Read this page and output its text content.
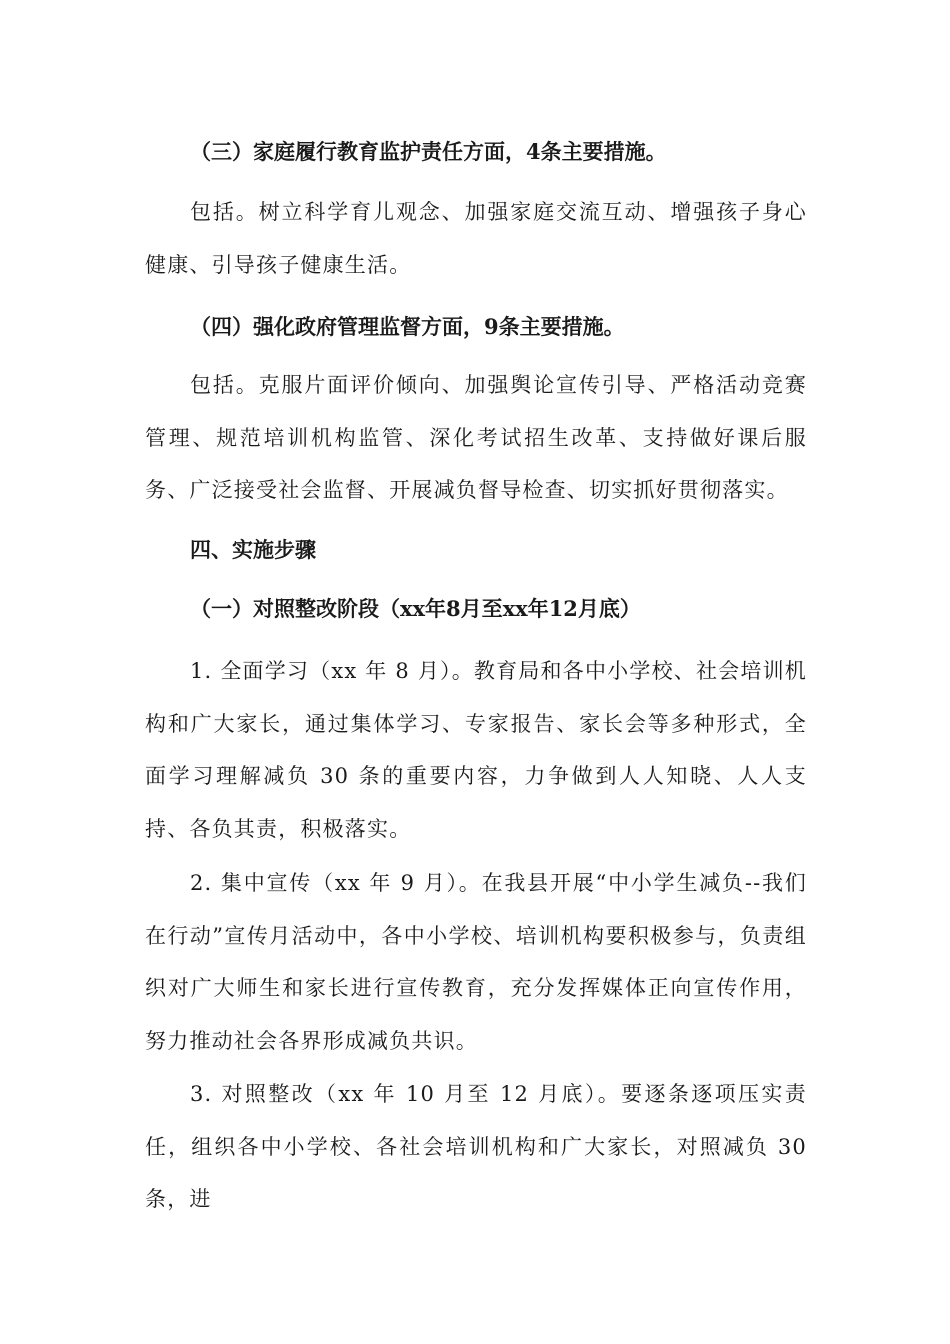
（三）家庭履行教育监护责任方面，4条主要措施。
包括。树立科学育儿观念、加强家庭交流互动、增强孩子身心健康、引导孩子健康生活。
（四）强化政府管理监督方面，9条主要措施。
包括。克服片面评价倾向、加强舆论宣传引导、严格活动竞赛管理、规范培训机构监管、深化考试招生改革、支持做好课后服务、广泛接受社会监督、开展减负督导检查、切实抓好贯彻落实。
四、实施步骤
（一）对照整改阶段（xx年8月至xx年12月底）
1. 全面学习（xx 年 8 月）。教育局和各中小学校、社会培训机构和广大家长，通过集体学习、专家报告、家长会等多种形式，全面学习理解减负 30 条的重要内容，力争做到人人知晓、人人支持、各负其责，积极落实。
2. 集中宣传（xx 年 9 月）。在我县开展“中小学生减负--我们在行动”宣传月活动中，各中小学校、培训机构要积极参与，负责组织对广大师生和家长进行宣传教育，充分发挥媒体正向宣传作用，努力推动社会各界形成减负共识。
3. 对照整改（xx 年 10 月至 12 月底）。要逐条逐项压实责任，组织各中小学校、各社会培训机构和广大家长，对照减负 30 条，进
